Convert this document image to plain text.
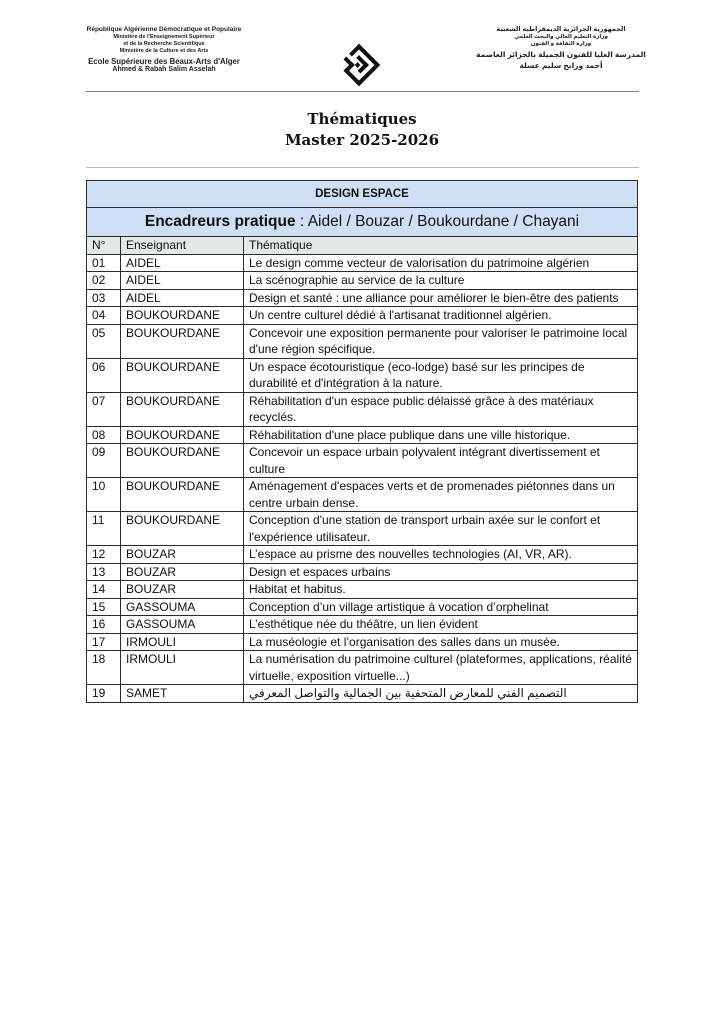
République Algérienne Démocratique et Populaire
Ministère de l'Enseignement Supérieur
et de la Recherche Scientifique
Ministère de la Culture et des Arts
Ecole Supérieure des Beaux-Arts d'Alger
Ahmed & Rabah Salim Asselah
الجمهورية الجزائرية الديمقراطية الشعبية
وزارة التعليم العالي والبحث العلمي
وزارة الثقافة و الفنون
المدرسة العليا للفنون الجميلة بالجزائر العاصمة
أحمد ورابح سليم عسلة
Thématiques
Master 2025-2026
DESIGN ESPACE		
Encadreurs pratique : Aidel / Bouzar / Boukourdane / Chayani		
N°	Enseignant	Thématique
01	AIDEL	Le design comme vecteur de valorisation du patrimoine algérien
02	AIDEL	La scénographie au service de la culture
03	AIDEL	Design et santé : une alliance pour améliorer le bien-être des patients
04	BOUKOURDANE	Un centre culturel dédié à l'artisanat traditionnel algérien.
05	BOUKOURDANE	Concevoir une exposition permanente pour valoriser le patrimoine local d'une région spécifique.
06	BOUKOURDANE	Un espace écotouristique (eco-lodge) basé sur les principes de durabilité et d'intégration à la nature.
07	BOUKOURDANE	Réhabilitation d'un espace public délaissé grâce à des matériaux recyclés.
08	BOUKOURDANE	Réhabilitation d'une place publique dans une ville historique.
09	BOUKOURDANE	Concevoir un espace urbain polyvalent intégrant divertissement et culture
10	BOUKOURDANE	Aménagement d'espaces verts et de promenades piétonnes dans un centre urbain dense.
11	BOUKOURDANE	Conception d'une station de transport urbain axée sur le confort et l'expérience utilisateur.
12	BOUZAR	L’espace au prisme des nouvelles technologies (AI, VR, AR).
13	BOUZAR	Design et espaces urbains
14	BOUZAR	Habitat et habitus.
15	GASSOUMA	Conception d’un village artistique à vocation d’orphelinat
16	GASSOUMA	L’esthétique née du théâtre, un lien évident
17	IRMOULI	La muséologie et l’organisation des salles dans un musée.
18	IRMOULI	La numérisation du patrimoine culturel (plateformes, applications, réalité virtuelle, exposition virtuelle...)
19	SAMET	التصميم الفني للمعارض المتحفية بين الجمالية والتواصل المعرفي
